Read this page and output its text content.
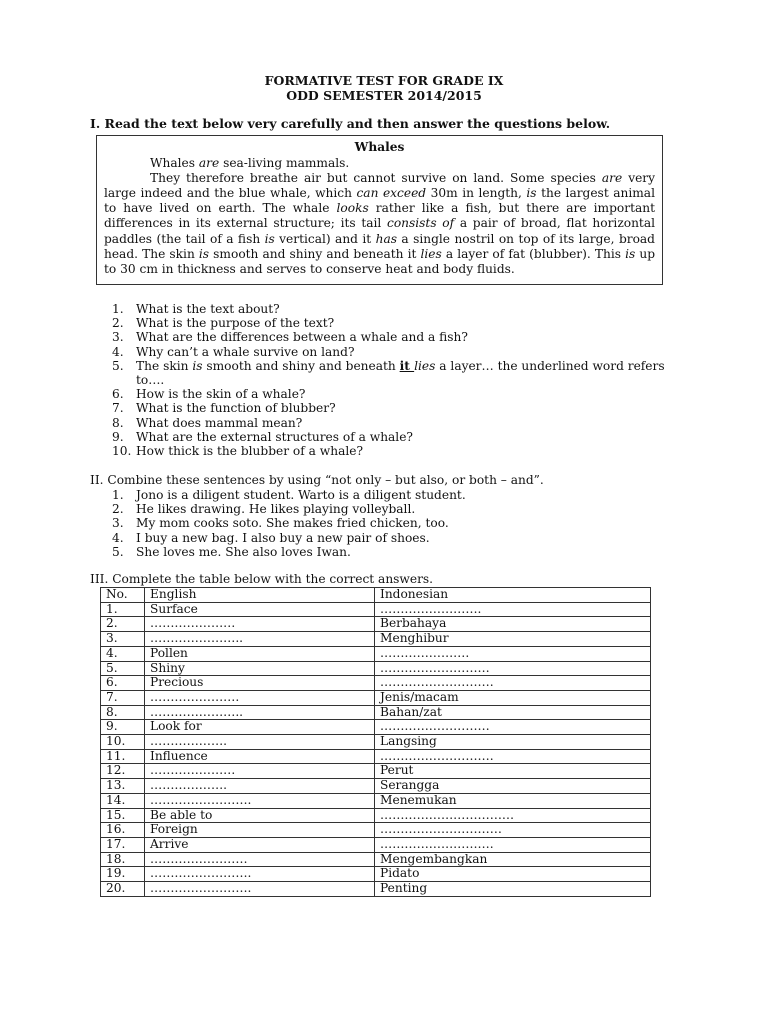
FORMATIVE TEST FOR GRADE IX
ODD SEMESTER 2014/2015
I. Read the text below very carefully and then answer the questions below.
Whales

Whales are sea-living mammals.

They therefore breathe air but cannot survive on land. Some species are very large indeed and the blue whale, which can exceed 30m in length, is the largest animal to have lived on earth. The whale looks rather like a fish, but there are important differences in its external structure; its tail consists of a pair of broad, flat horizontal paddles (the tail of a fish is vertical) and it has a single nostril on top of its large, broad head. The skin is smooth and shiny and beneath it lies a layer of fat (blubber). This is up to 30 cm in thickness and serves to conserve heat and body fluids.

1.	What is the text about?
2.	What is the purpose of the text?
3.	What are the differences between a whale and a fish?
4.	Why can’t a whale survive on land?
5.	The skin is smooth and shiny and beneath it lies a layer… the underlined word refers to….
6.	How is the skin of a whale?
7.	What is the function of blubber?
8.	What does mammal mean?
9.	What are the external structures of a whale?
10. How thick is the blubber of a whale?
II. Combine these sentences by using “not only – but also, or both – and”.
1.	Jono is a diligent student. Warto is a diligent student.
2.	He likes drawing. He likes playing volleyball.
3.	My mom cooks soto. She makes fried chicken, too.
4.	I buy a new bag. I also buy a new pair of shoes.
5.	She loves me. She also loves Iwan.
III. Complete the table below with the correct answers.
No.	English	Indonesian
1.	Surface	…………………….
2.	…………………	Berbahaya
3.	…………………..	Menghibur
4.	Pollen	………………….
5.	Shiny	………………………
6.	Precious	……………………….
7.	………………….	Jenis/macam
8.	…………………..	Bahan/zat
9.	Look for	………………………
10.	……………….	Langsing
11.	Influence	……………………….
12.	…………………	Perut
13.	……………….	Serangga
14.	…………………….	Menemukan
15.	Be able to	……………………………
16.	Foreign	…………………………
17.	Arrive	……………………….
18.	……………………	Mengembangkan
19.	…………………….	Pidato
20.	…………………….	Penting
